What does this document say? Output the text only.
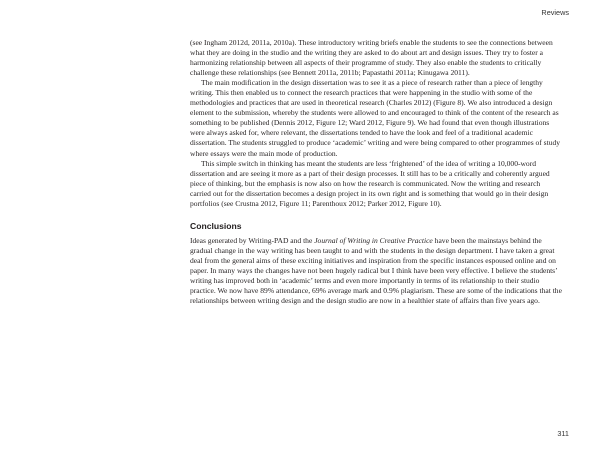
Reviews

(see Ingham 2012d, 2011a, 2010a). These introductory writing briefs enable the students to see the connections between what they are doing in the studio and the writing they are asked to do about art and design issues. They try to foster a harmonizing relationship between all aspects of their programme of study. They also enable the students to critically challenge these relationships (see Bennett 2011a, 2011b; Papastathi 2011a; Kinugawa 2011).

The main modification in the design dissertation was to see it as a piece of research rather than a piece of lengthy writing. This then enabled us to connect the research practices that were happening in the studio with some of the methodologies and practices that are used in theoretical research (Charles 2012) (Figure 8). We also introduced a design element to the submission, whereby the students were allowed to and encouraged to think of the content of the research as something to be published (Dennis 2012, Figure 12; Ward 2012, Figure 9). We had found that even though illustrations were always asked for, where relevant, the dissertations tended to have the look and feel of a traditional academic dissertation. The students struggled to produce ‘academic’ writing and were being compared to other programmes of study where essays were the main mode of production.

This simple switch in thinking has meant the students are less ‘frightened’ of the idea of writing a 10,000-word dissertation and are seeing it more as a part of their design processes. It still has to be a critically and coherently argued piece of thinking, but the emphasis is now also on how the research is communicated. Now the writing and research carried out for the dissertation becomes a design project in its own right and is something that would go in their design portfolios (see Crustna 2012, Figure 11; Parenthoux 2012; Parker 2012, Figure 10).

Conclusions

Ideas generated by Writing-PAD and the Journal of Writing in Creative Practice have been the mainstays behind the gradual change in the way writing has been taught to and with the students in the design department. I have taken a great deal from the general aims of these exciting initiatives and inspiration from the specific instances espoused online and on paper. In many ways the changes have not been hugely radical but I think have been very effective. I believe the students’ writing has improved both in ‘academic’ terms and even more importantly in terms of its relationship to their studio practice. We now have 89% attendance, 69% average mark and 0.9% plagiarism. These are some of the indications that the relationships between writing design and the design studio are now in a healthier state of affairs than five years ago.

311
